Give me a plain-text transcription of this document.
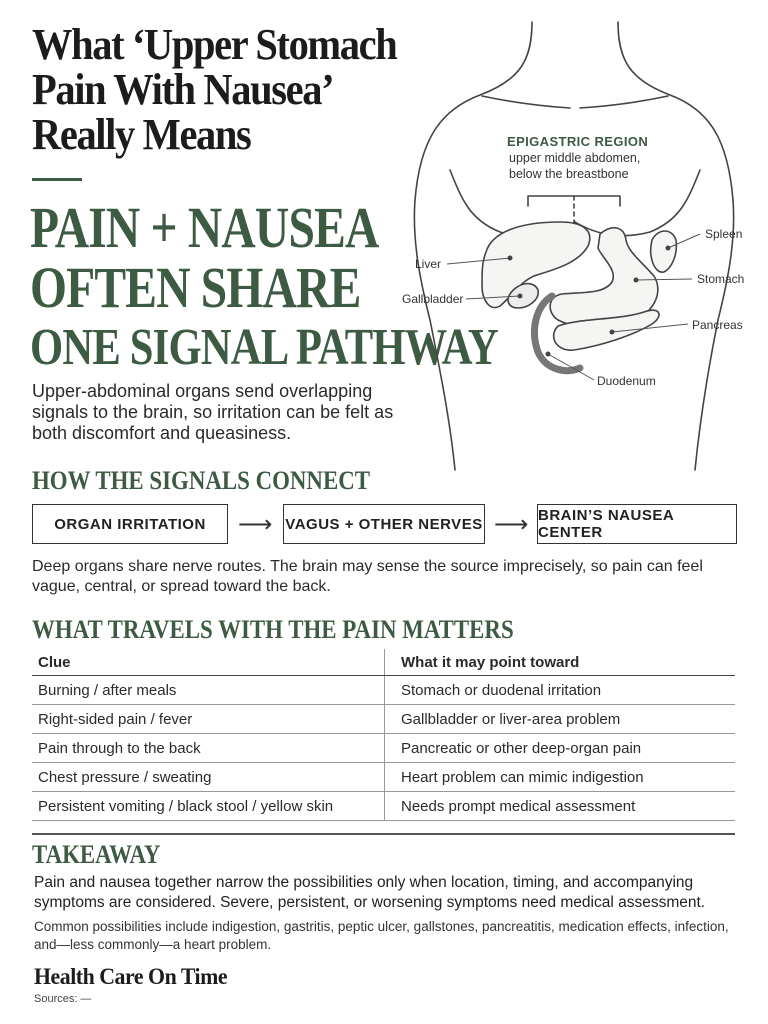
What ‘Upper Stomach
Pain With Nausea’
Really Means
PAIN + NAUSEA
OFTEN SHARE
ONE SIGNAL PATHWAY
Upper-abdominal organs send overlapping signals to the brain, so irritation can be felt as both discomfort and queasiness.
EPIGASTRIC REGION
upper middle abdomen,
below the breastbone
Liver
Gallbladder
Spleen
Stomach
Pancreas
Duodenum
HOW THE SIGNALS CONNECT
ORGAN IRRITATION	⟶ VAGUS + OTHER NERVES ⟶ BRAIN’S NAUSEA CENTER
Deep organs share nerve routes. The brain may sense the source imprecisely, so pain can feel vague, central, or spread toward the back.
WHAT TRAVELS WITH THE PAIN MATTERS
Clue	What it may point toward
Burning / after meals	Stomach or duodenal irritation
Right-sided pain / fever	Gallbladder or liver-area problem
Pain through to the back	Pancreatic or other deep-organ pain
Chest pressure / sweating	Heart problem can mimic indigestion
Persistent vomiting / black stool / yellow skin	Needs prompt medical assessment
TAKEAWAY
Pain and nausea together narrow the possibilities only when location, timing, and accompanying symptoms are considered. Severe, persistent, or worsening symptoms need medical assessment.
Common possibilities include indigestion, gastritis, peptic ulcer, gallstones, pancreatitis, medication effects, infection, and—less commonly—a heart problem.
Health Care On Time
Sources: —
